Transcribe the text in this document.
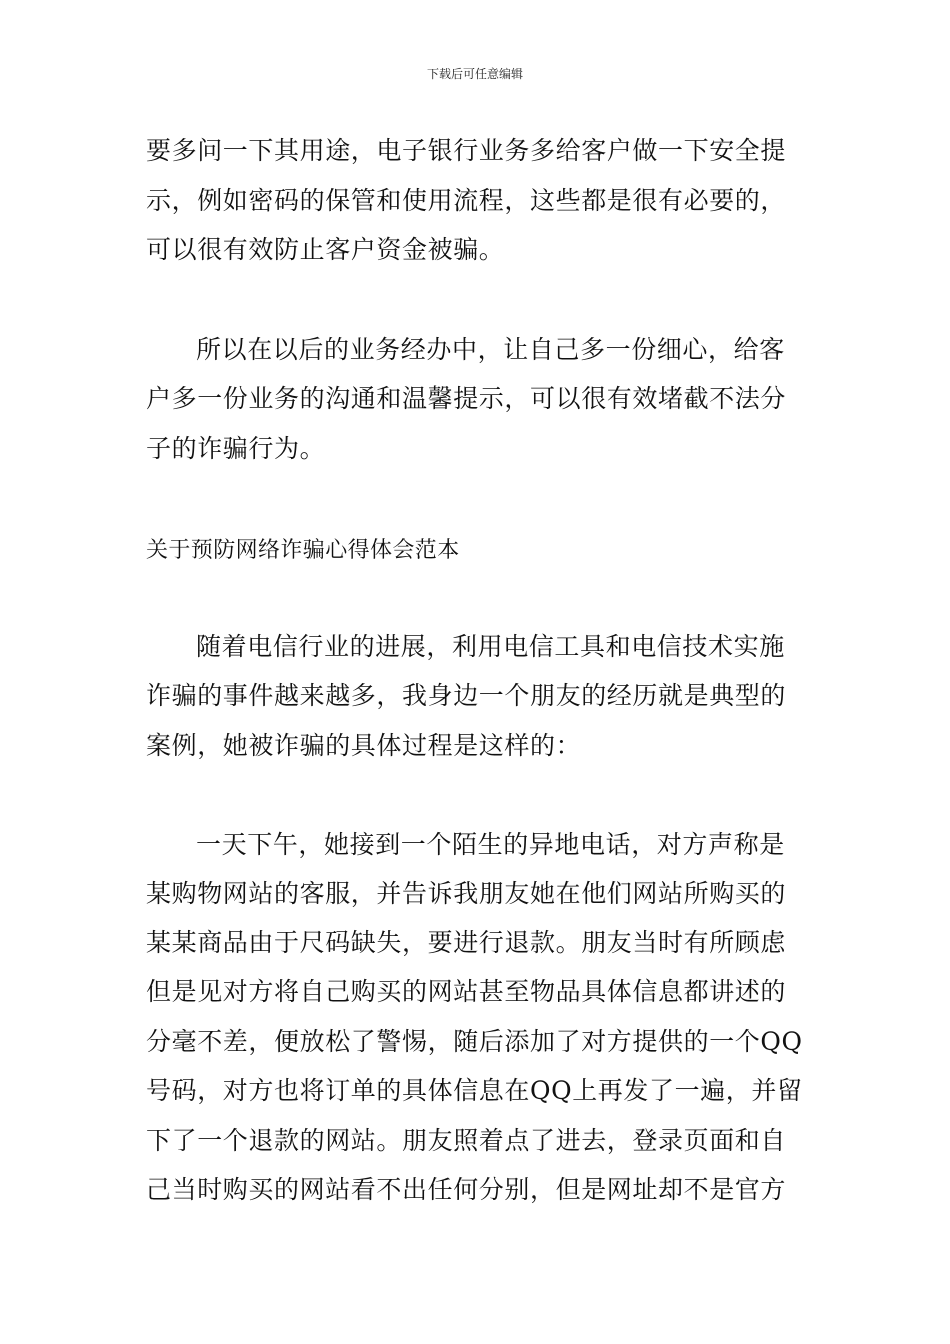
下载后可任意编辑
要多问一下其用途，电子银行业务多给客户做一下安全提
示，例如密码的保管和使用流程，这些都是很有必要的，
可以很有效防止客户资金被骗。
所以在以后的业务经办中，让自己多一份细心，给客
户多一份业务的沟通和温馨提示，可以很有效堵截不法分
子的诈骗行为。
关于预防网络诈骗心得体会范本
随着电信行业的进展，利用电信工具和电信技术实施
诈骗的事件越来越多，我身边一个朋友的经历就是典型的
案例，她被诈骗的具体过程是这样的：
一天下午，她接到一个陌生的异地电话，对方声称是
某购物网站的客服，并告诉我朋友她在他们网站所购买的
某某商品由于尺码缺失，要进行退款。朋友当时有所顾虑
但是见对方将自己购买的网站甚至物品具体信息都讲述的
分毫不差，便放松了警惕，随后添加了对方提供的一个QQ
号码，对方也将订单的具体信息在QQ上再发了一遍，并留
下了一个退款的网站。朋友照着点了进去，登录页面和自
己当时购买的网站看不出任何分别，但是网址却不是官方
